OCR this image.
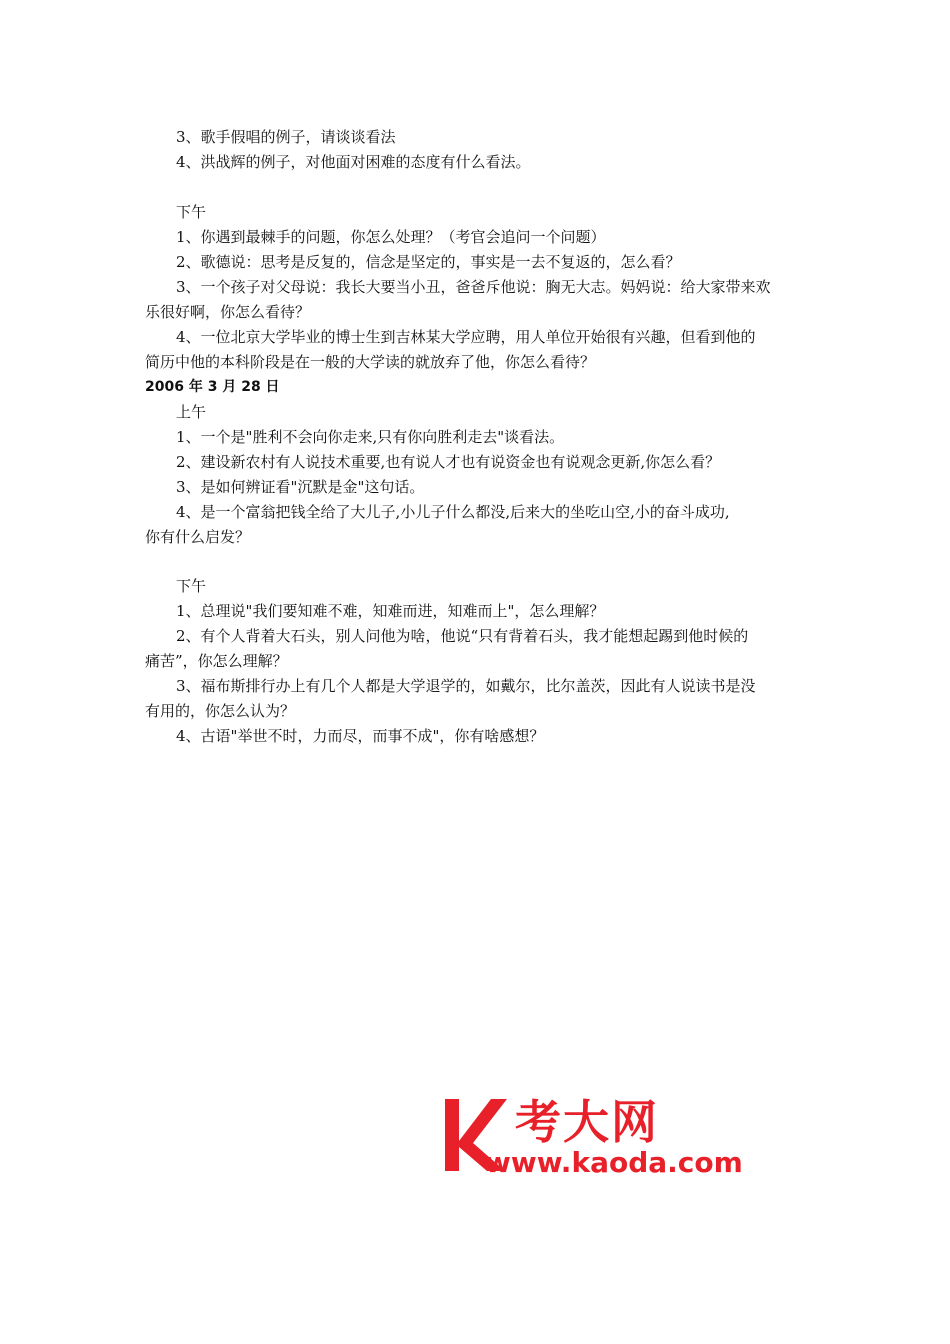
3、歌手假唱的例子，请谈谈看法
4、洪战辉的例子，对他面对困难的态度有什么看法。
下午
1、你遇到最棘手的问题，你怎么处理？（考官会追问一个问题）
2、歌德说：思考是反复的，信念是坚定的，事实是一去不复返的，怎么看？
3、一个孩子对父母说：我长大要当小丑，爸爸斥他说：胸无大志。妈妈说：给大家带来欢
乐很好啊，你怎么看待？
4、一位北京大学毕业的博士生到吉林某大学应聘，用人单位开始很有兴趣，但看到他的
简历中他的本科阶段是在一般的大学读的就放弃了他，你怎么看待？
2006 年 3 月 28 日
上午
1、一个是"胜利不会向你走来,只有你向胜利走去"谈看法。
2、建设新农村有人说技术重要,也有说人才也有说资金也有说观念更新,你怎么看？
3、是如何辨证看"沉默是金"这句话。
4、是一个富翁把钱全给了大儿子,小儿子什么都没,后来大的坐吃山空,小的奋斗成功,
你有什么启发？
下午
1、总理说"我们要知难不难，知难而进，知难而上"，怎么理解？
2、有个人背着大石头，别人问他为啥，他说“只有背着石头，我才能想起踢到他时候的
痛苦”，你怎么理解？
3、福布斯排行办上有几个人都是大学退学的，如戴尔，比尔盖茨，因此有人说读书是没
有用的，你怎么认为？
4、古语"举世不时，力而尽，而事不成"，你有啥感想？
考大网
www.kaoda.com
